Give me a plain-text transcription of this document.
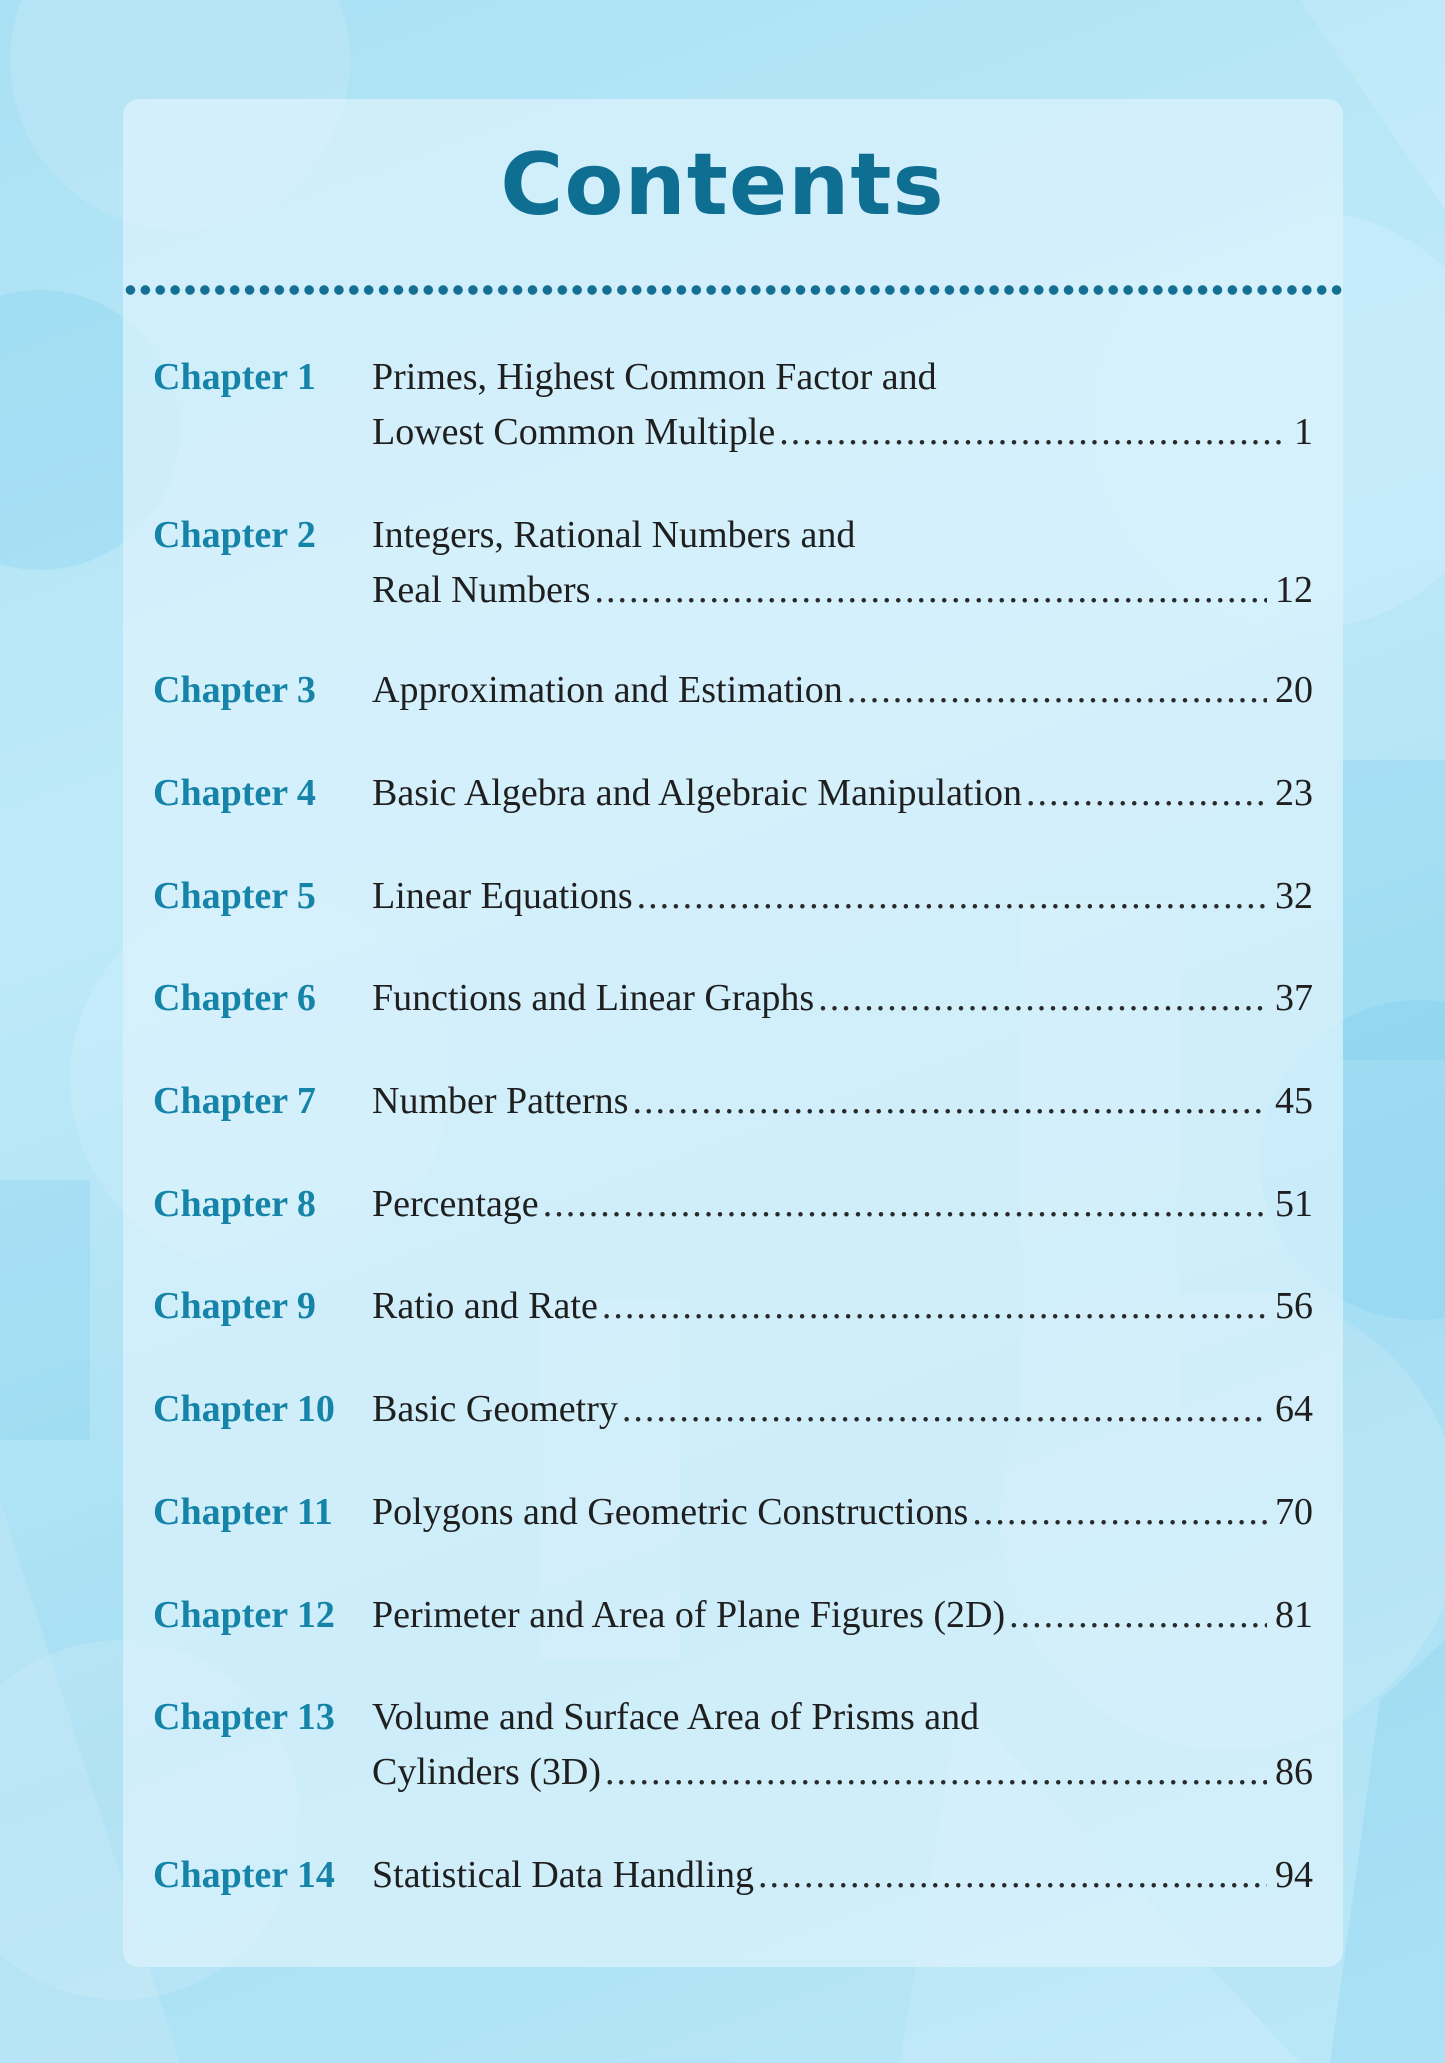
Contents
Chapter 1 Primes, Highest Common Factor and
Lowest Common Multiple .....	1
Chapter 2 Integers, Rational Numbers and
Real Numbers .....	12
Chapter 3 Approximation and Estimation .....	20
Chapter 4 Basic Algebra and Algebraic Manipulation .....	23
Chapter 5 Linear Equations .....	32
Chapter 6 Functions and Linear Graphs .....	37
Chapter 7 Number Patterns .....	45
Chapter 8 Percentage .....	51
Chapter 9 Ratio and Rate .....	56
Chapter 10 Basic Geometry .....	64
Chapter 11 Polygons and Geometric Constructions .....	70
Chapter 12 Perimeter and Area of Plane Figures (2D) .....	81
Chapter 13 Volume and Surface Area of Prisms and
Cylinders (3D) .....	86
Chapter 14 Statistical Data Handling .....	94
